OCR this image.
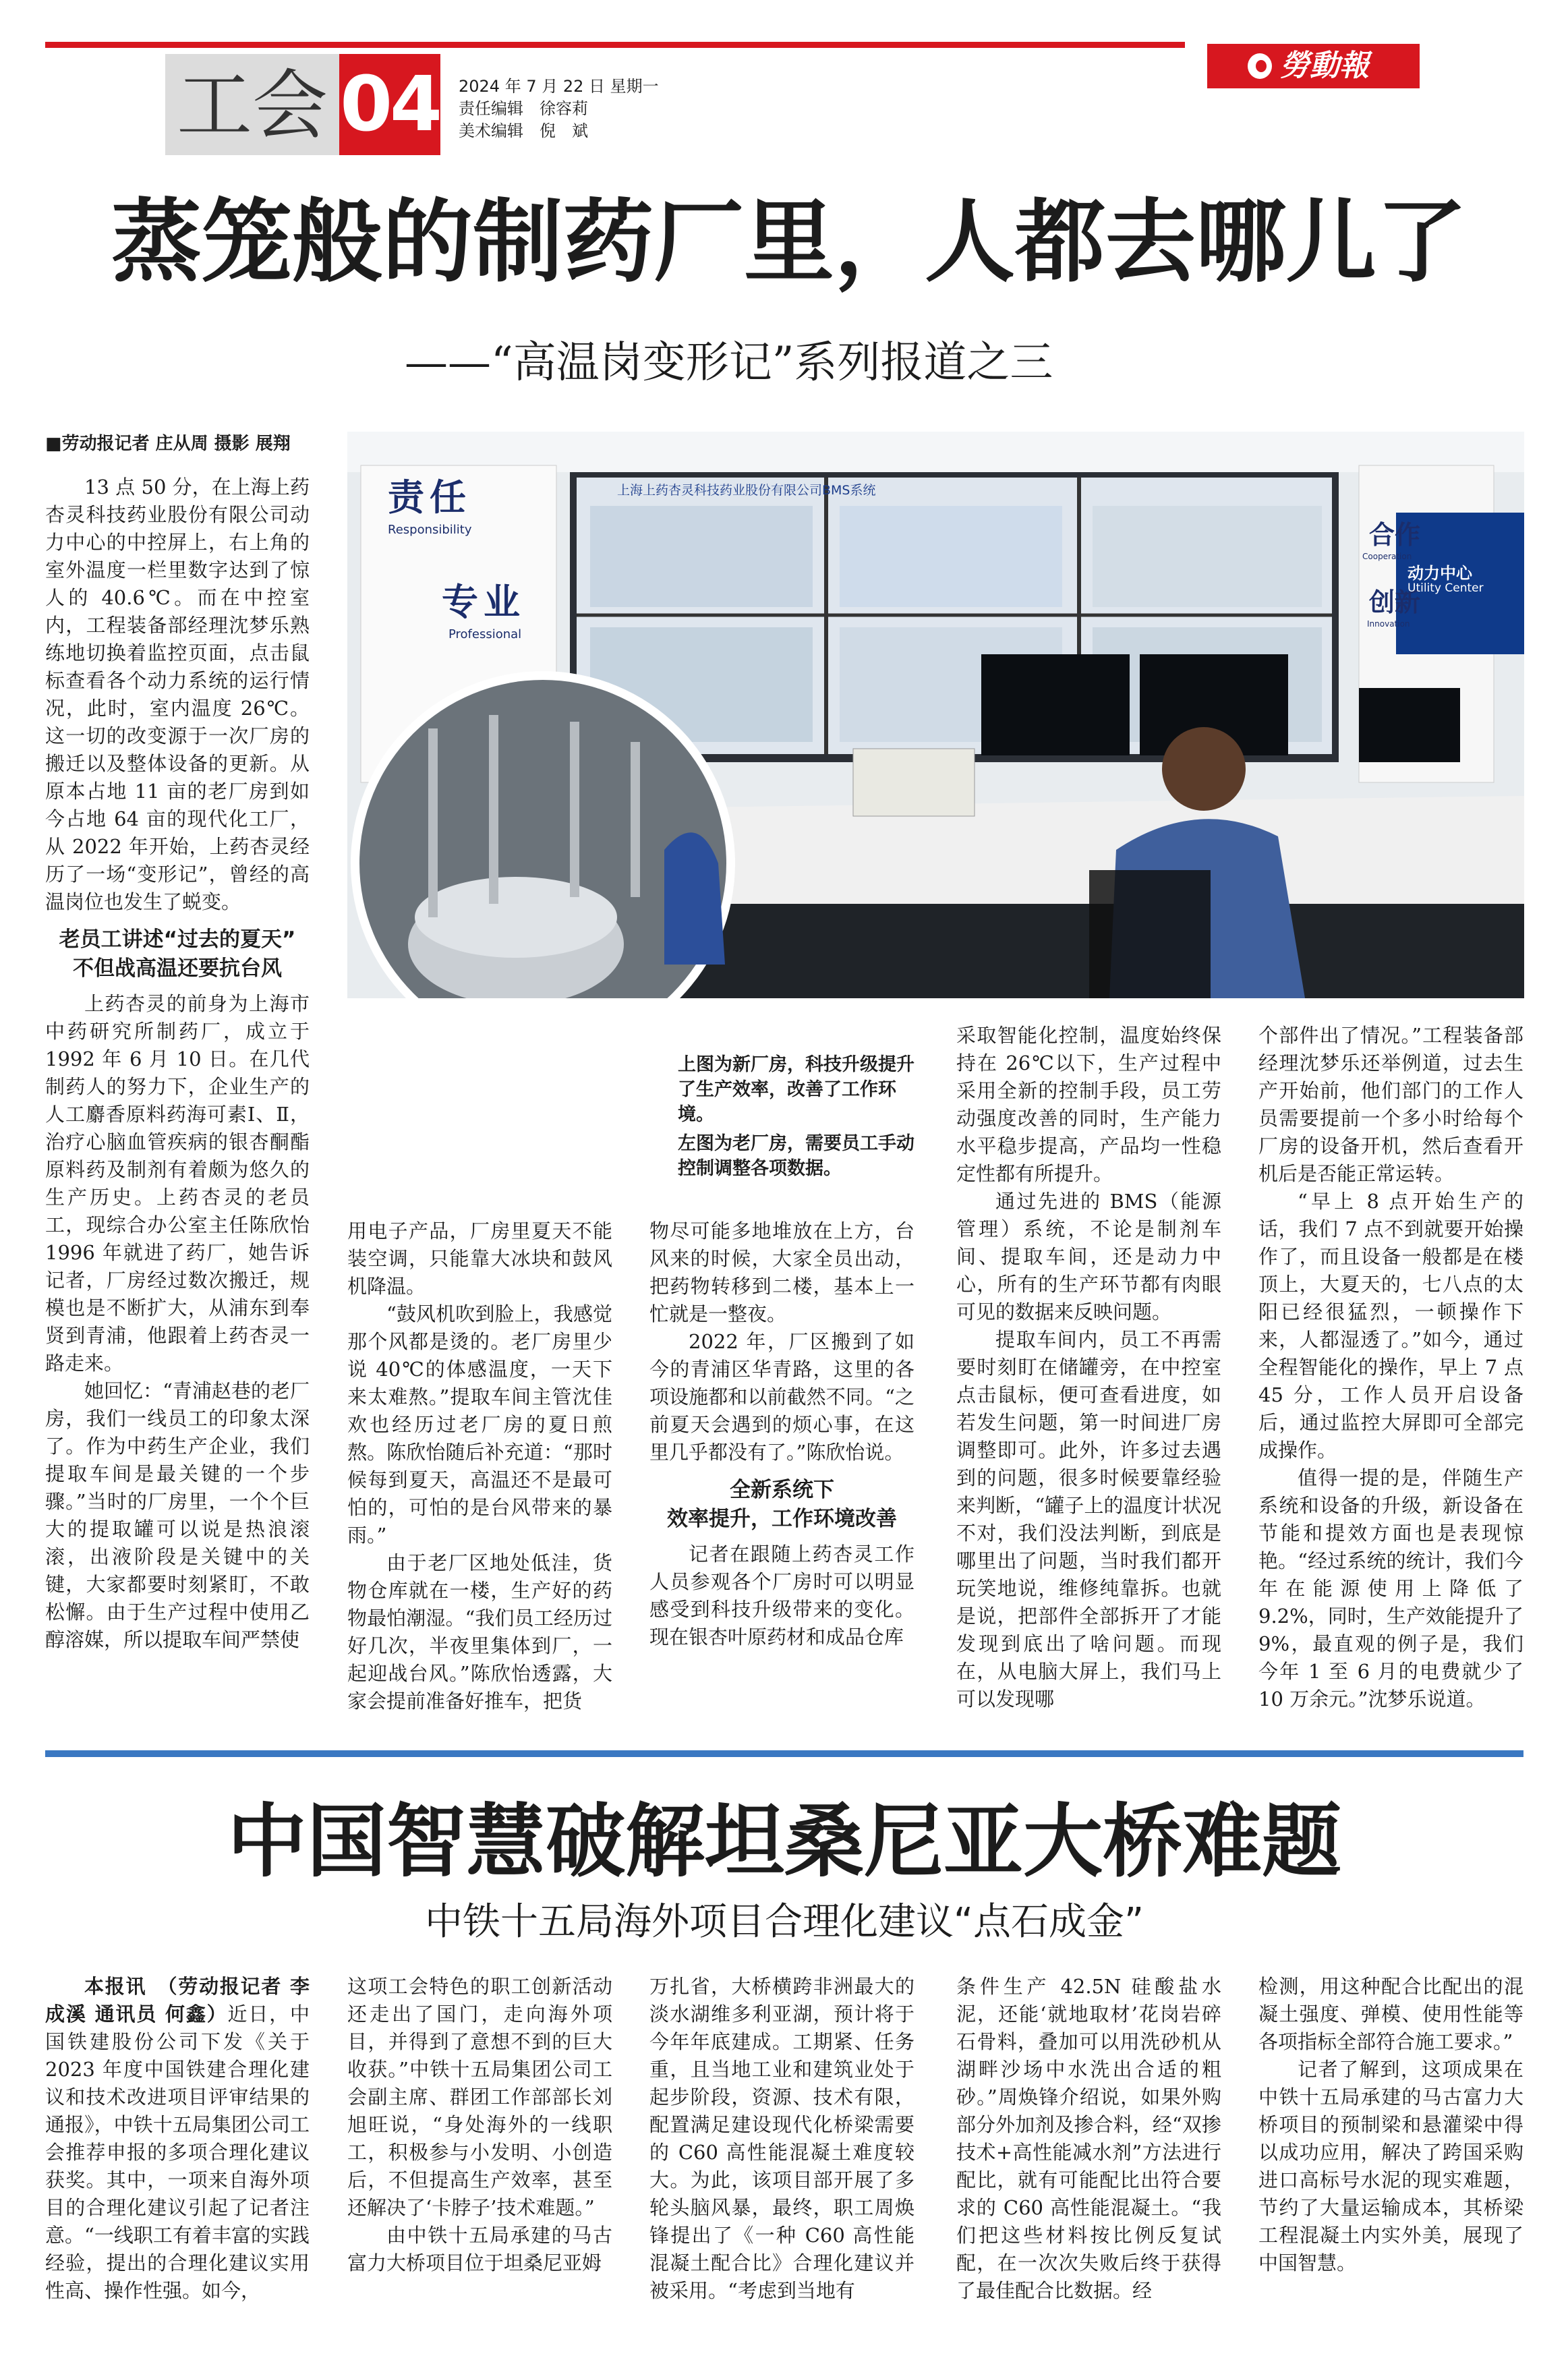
工会 04 2024 年 7 月 22 日 星期一
责任编辑　徐容莉
美术编辑　倪　斌
勞動報
蒸笼般的制药厂里，人都去哪儿了
——“高温岗变形记”系列报道之三
责任
Responsibility
专业
Professional
上海上药杏灵科技药业股份有限公司BMS系统
合作
Cooperation
创新
Innovation
动力中心
Utility Center
上图为新厂房，科技升级提升了生产效率，改善了工作环境。
左图为老厂房，需要员工手动控制调整各项数据。
■劳动报记者 庄从周 摄影 展翔

13 点 50 分，在上海上药杏灵科技药业股份有限公司动力中心的中控屏上，右上角的室外温度一栏里数字达到了惊人的 40.6℃。而在中控室内，工程装备部经理沈梦乐熟练地切换着监控页面，点击鼠标查看各个动力系统的运行情况，此时，室内温度 26℃。这一切的改变源于一次厂房的搬迁以及整体设备的更新。从原本占地 11 亩的老厂房到如今占地 64 亩的现代化工厂，从 2022 年开始，上药杏灵经历了一场“变形记”，曾经的高温岗位也发生了蜕变。

老员工讲述“过去的夏天”
不但战高温还要抗台风

上药杏灵的前身为上海市中药研究所制药厂，成立于 1992 年 6 月 10 日。在几代制药人的努力下，企业生产的人工麝香原料药海可素Ⅰ、Ⅱ，治疗心脑血管疾病的银杏酮酯原料药及制剂有着颇为悠久的生产历史。上药杏灵的老员工，现综合办公室主任陈欣怡 1996 年就进了药厂，她告诉记者，厂房经过数次搬迁，规模也是不断扩大，从浦东到奉贤到青浦，他跟着上药杏灵一路走来。

她回忆：“青浦赵巷的老厂房，我们一线员工的印象太深了。作为中药生产企业，我们提取车间是最关键的一个步骤。”当时的厂房里，一个个巨大的提取罐可以说是热浪滚滚，出液阶段是关键中的关键，大家都要时刻紧盯，不敢松懈。由于生产过程中使用乙醇溶媒，所以提取车间严禁使

用电子产品，厂房里夏天不能装空调，只能靠大冰块和鼓风机降温。

“鼓风机吹到脸上，我感觉那个风都是烫的。老厂房里少说 40℃的体感温度，一天下来太难熬。”提取车间主管沈佳欢也经历过老厂房的夏日煎熬。陈欣怡随后补充道：“那时候每到夏天，高温还不是最可怕的，可怕的是台风带来的暴雨。”

由于老厂区地处低洼，货物仓库就在一楼，生产好的药物最怕潮湿。“我们员工经历过好几次，半夜里集体到厂，一起迎战台风。”陈欣怡透露，大家会提前准备好推车，把货

物尽可能多地堆放在上方，台风来的时候，大家全员出动，把药物转移到二楼，基本上一忙就是一整夜。

2022 年，厂区搬到了如今的青浦区华青路，这里的各项设施都和以前截然不同。“之前夏天会遇到的烦心事，在这里几乎都没有了。”陈欣怡说。

全新系统下
效率提升，工作环境改善

记者在跟随上药杏灵工作人员参观各个厂房时可以明显感受到科技升级带来的变化。现在银杏叶原药材和成品仓库

采取智能化控制，温度始终保持在 26℃以下，生产过程中采用全新的控制手段，员工劳动强度改善的同时，生产能力水平稳步提高，产品均一性稳定性都有所提升。

通过先进的 BMS（能源管理）系统，不论是制剂车间、提取车间，还是动力中心，所有的生产环节都有肉眼可见的数据来反映问题。

提取车间内，员工不再需要时刻盯在储罐旁，在中控室点击鼠标，便可查看进度，如若发生问题，第一时间进厂房调整即可。此外，许多过去遇到的问题，很多时候要靠经验来判断，“罐子上的温度计状况不对，我们没法判断，到底是哪里出了问题，当时我们都开玩笑地说，维修纯靠拆。也就是说，把部件全部拆开了才能发现到底出了啥问题。而现在，从电脑大屏上，我们马上可以发现哪

个部件出了情况。”工程装备部经理沈梦乐还举例道，过去生产开始前，他们部门的工作人员需要提前一个多小时给每个厂房的设备开机，然后查看开机后是否能正常运转。

“早上 8 点开始生产的话，我们 7 点不到就要开始操作了，而且设备一般都是在楼顶上，大夏天的，七八点的太阳已经很猛烈，一顿操作下来，人都湿透了。”如今，通过全程智能化的操作，早上 7 点 45 分，工作人员开启设备后，通过监控大屏即可全部完成操作。

值得一提的是，伴随生产系统和设备的升级，新设备在节能和提效方面也是表现惊艳。“经过系统的统计，我们今年在能源使用上降低了 9.2%，同时，生产效能提升了 9%，最直观的例子是，我们今年 1 至 6 月的电费就少了 10 万余元。”沈梦乐说道。

中国智慧破解坦桑尼亚大桥难题
中铁十五局海外项目合理化建议“点石成金”

本报讯　（劳动报记者 李成溪 通讯员 何鑫）近日，中国铁建股份公司下发《关于 2023 年度中国铁建合理化建议和技术改进项目评审结果的通报》，中铁十五局集团公司工会推荐申报的多项合理化建议获奖。其中，一项来自海外项目的合理化建议引起了记者注意。“一线职工有着丰富的实践经验，提出的合理化建议实用性高、操作性强。如今，

这项工会特色的职工创新活动还走出了国门，走向海外项目，并得到了意想不到的巨大收获。”中铁十五局集团公司工会副主席、群团工作部部长刘旭旺说，“身处海外的一线职工，积极参与小发明、小创造后，不但提高生产效率，甚至还解决了‘卡脖子’技术难题。”

由中铁十五局承建的马古富力大桥项目位于坦桑尼亚姆

万扎省，大桥横跨非洲最大的淡水湖维多利亚湖，预计将于今年年底建成。工期紧、任务重，且当地工业和建筑业处于起步阶段，资源、技术有限，配置满足建设现代化桥梁需要的 C60 高性能混凝土难度较大。为此，该项目部开展了多轮头脑风暴，最终，职工周焕锋提出了《一种 C60 高性能混凝土配合比》合理化建议并被采用。“考虑到当地有

条件生产 42.5N 硅酸盐水泥，还能‘就地取材’花岗岩碎石骨料，叠加可以用洗砂机从湖畔沙场中水洗出合适的粗砂。”周焕锋介绍说，如果外购部分外加剂及掺合料，经“双掺技术+高性能减水剂”方法进行配比，就有可能配比出符合要求的 C60 高性能混凝土。“我们把这些材料按比例反复试配，在一次次失败后终于获得了最佳配合比数据。经

检测，用这种配合比配出的混凝土强度、弹模、使用性能等各项指标全部符合施工要求。”

记者了解到，这项成果在中铁十五局承建的马古富力大桥项目的预制梁和悬灌梁中得以成功应用，解决了跨国采购进口高标号水泥的现实难题，节约了大量运输成本，其桥梁工程混凝土内实外美，展现了中国智慧。
